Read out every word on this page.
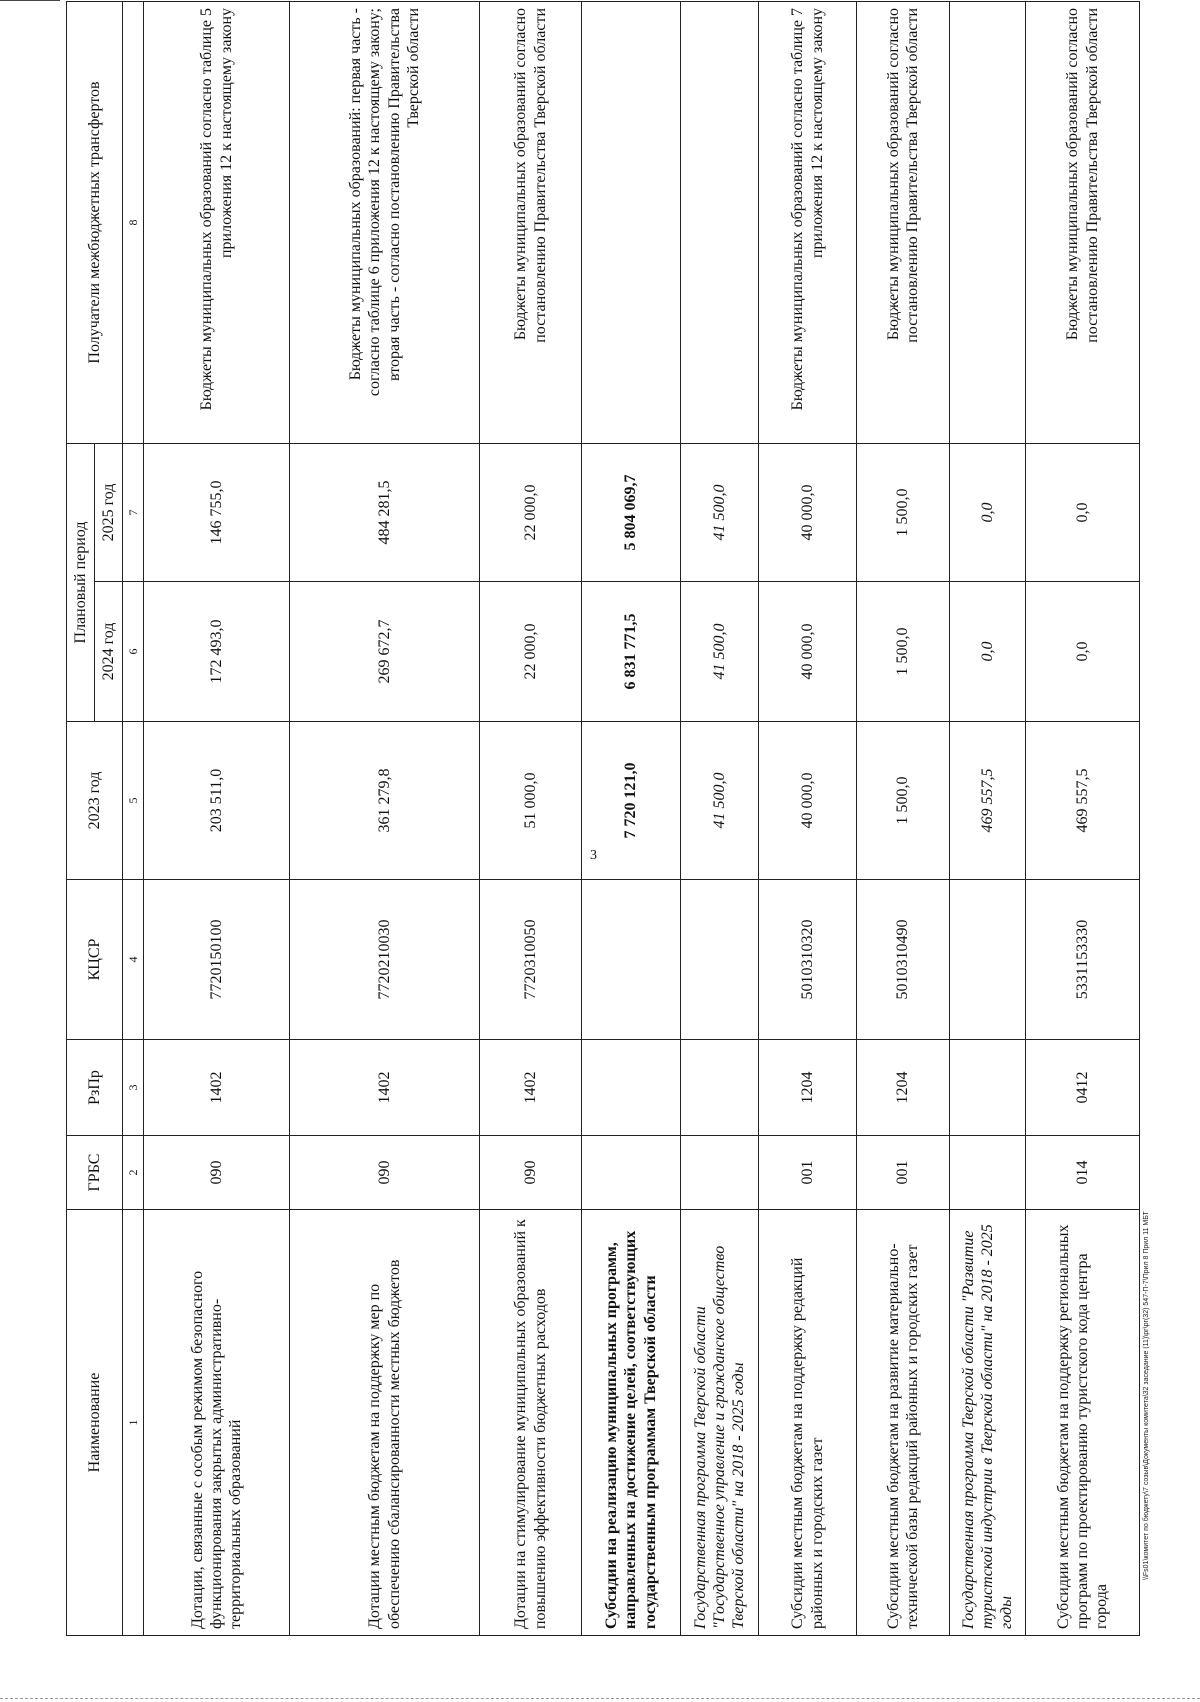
3
Наименование	ГРБС	РзПр	КЦСР	2023 год	Плановый период		Получатели межбюджетных трансфертов
					2024 год	2025 год	
1	2	3	4	5	6	7	8
Дотации, связанные с особым режимом безопасного функционирования закрытых административно-территориальных образований	090	1402	7720150100	203 511,0	172 493,0	146 755,0	Бюджеты муниципальных образований согласно таблице 5 приложения 12 к настоящему закону
Дотации местным бюджетам на поддержку мер по обеспечению сбалансированности местных бюджетов	090	1402	7720210030	361 279,8	269 672,7	484 281,5	Бюджеты муниципальных образований: первая часть - согласно таблице 6 приложения 12 к настоящему закону; вторая часть - согласно постановлению Правительства Тверской области
Дотации на стимулирование муниципальных образований к повышению эффективности бюджетных расходов	090	1402	7720310050	51 000,0	22 000,0	22 000,0	Бюджеты муниципальных образований согласно постановлению Правительства Тверской области
Субсидии на реализацию муниципальных программ, направленных на достижение целей, соответствующих государственным программам Тверской области				7 720 121,0	6 831 771,5	5 804 069,7	
Государственная программа Тверской области "Государственное управление и гражданское общество Тверской области" на 2018 - 2025 годы				41 500,0	41 500,0	41 500,0	
Субсидии местным бюджетам на поддержку редакций районных и городских газет	001	1204	5010310320	40 000,0	40 000,0	40 000,0	Бюджеты муниципальных образований согласно таблице 7 приложения 12 к настоящему закону
Субсидии местным бюджетам на развитие материально-технической базы редакций районных и городских газет	001	1204	5010310490	1 500,0	1 500,0	1 500,0	Бюджеты муниципальных образований согласно постановлению Правительства Тверской области
Государственная программа Тверской области "Развитие туристской индустрии в Тверской области" на 2018 - 2025 годы				469 557,5	0,0	0,0	
Субсидии местным бюджетам на поддержку региональных программ по проектированию туристского кода центра города	014	0412	5331153330	469 557,5	0,0	0,0	Бюджеты муниципальных образований согласно постановлению Правительства Тверской области
\\Fs01\комитет по бюджету\7 созыв\Документы комитета\32 заседание (11)\рг\рг(32) 547-П-7\Прил 8 Прил 11 МБТ
